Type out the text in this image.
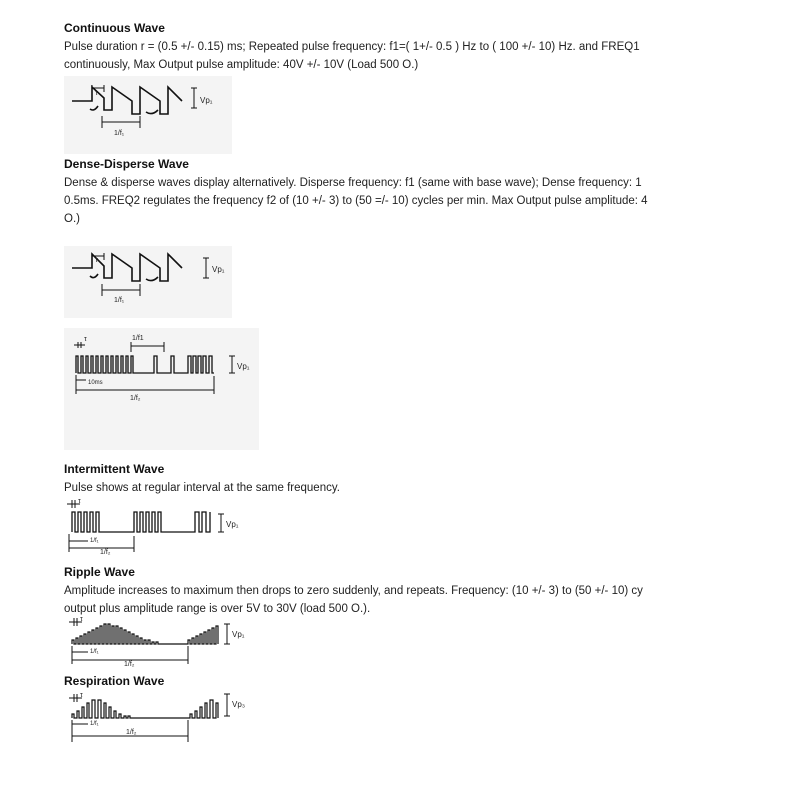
Continuous Wave
Pulse duration r = (0.5 +/- 0.15) ms; Repeated pulse frequency: f1=( 1+/- 0.5 ) Hz to ( 100 +/- 10) Hz. and FREQ1
continuously, Max Output pulse amplitude: 40V +/- 10V (Load 500 O.)
τ
Vp₁
1/f₁
Dense-Disperse Wave
Dense & disperse waves display alternatively. Disperse frequency: f1 (same with base wave); Dense frequency: 1
0.5ms. FREQ2 regulates the frequency f2 of (10 +/- 3) to (50 =/- 10) cycles per min. Max Output pulse amplitude: 4
O.)
τ
Vp₁
1/f₁
τ	1/f1
Vp₁
10ms
1/f₂
Intermittent Wave
Pulse shows at regular interval at the same frequency.
τ
Vp₁
1/f₁
1/f₂
Ripple Wave
Amplitude increases to maximum then drops to zero suddenly, and repeats. Frequency: (10 +/- 3) to (50 +/- 10) cy
output plus amplitude range is over 5V to 30V (load 500 O.).
τ
Vp₁
1/f₁
1/f₂
Respiration Wave
τ
Vp₃
1/f₁
1/f₂
